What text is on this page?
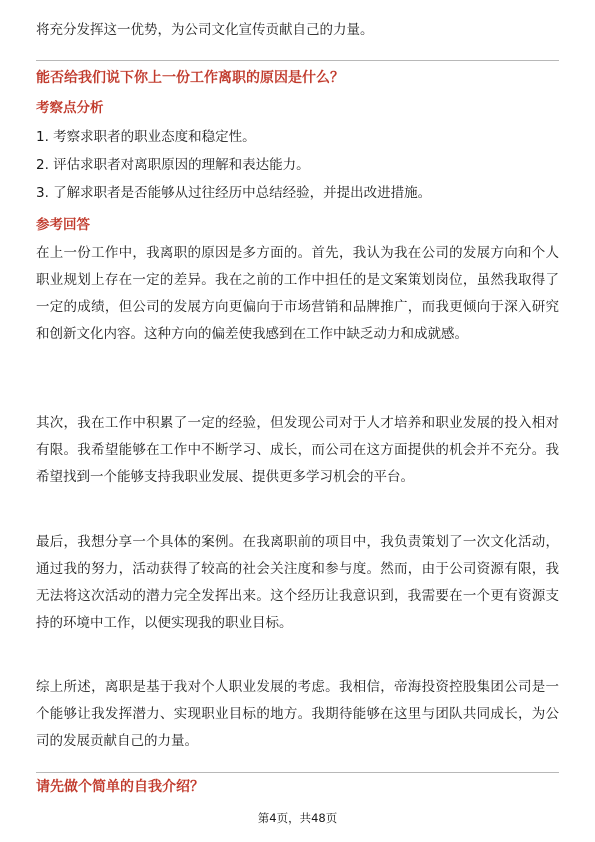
将充分发挥这一优势，为公司文化宣传贡献自己的力量。
能否给我们说下你上一份工作离职的原因是什么？
考察点分析
1. 考察求职者的职业态度和稳定性。
2. 评估求职者对离职原因的理解和表达能力。
3. 了解求职者是否能够从过往经历中总结经验，并提出改进措施。
参考回答
在上一份工作中，我离职的原因是多方面的。首先，我认为我在公司的发展方向和个人职业规划上存在一定的差异。我在之前的工作中担任的是文案策划岗位，虽然我取得了一定的成绩，但公司的发展方向更偏向于市场营销和品牌推广，而我更倾向于深入研究和创新文化内容。这种方向的偏差使我感到在工作中缺乏动力和成就感。
其次，我在工作中积累了一定的经验，但发现公司对于人才培养和职业发展的投入相对有限。我希望能够在工作中不断学习、成长，而公司在这方面提供的机会并不充分。我希望找到一个能够支持我职业发展、提供更多学习机会的平台。
最后，我想分享一个具体的案例。在我离职前的项目中，我负责策划了一次文化活动，通过我的努力，活动获得了较高的社会关注度和参与度。然而，由于公司资源有限，我无法将这次活动的潜力完全发挥出来。这个经历让我意识到，我需要在一个更有资源支持的环境中工作，以便实现我的职业目标。
综上所述，离职是基于我对个人职业发展的考虑。我相信，帝海投资控股集团公司是一个能够让我发挥潜力、实现职业目标的地方。我期待能够在这里与团队共同成长，为公司的发展贡献自己的力量。
请先做个简单的自我介绍？
第4页，共48页
